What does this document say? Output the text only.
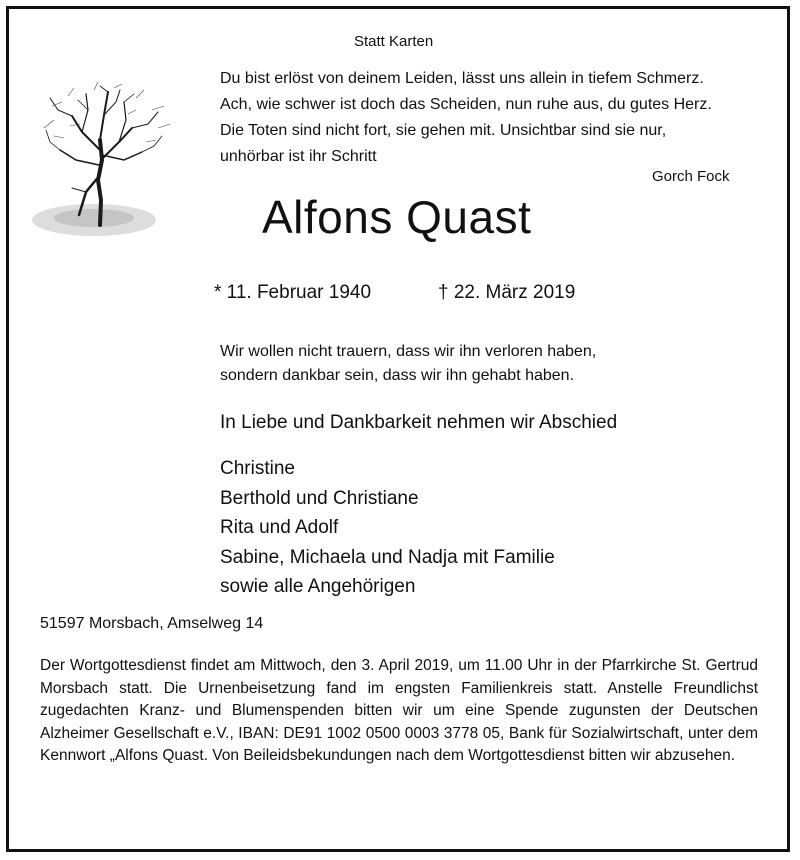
Statt Karten
Du bist erlöst von deinem Leiden, lässt uns allein in tiefem Schmerz.
Ach, wie schwer ist doch das Scheiden, nun ruhe aus, du gutes Herz.
Die Toten sind nicht fort, sie gehen mit. Unsichtbar sind sie nur,
unhörbar ist ihr Schritt
Gorch Fock
Alfons Quast
* 11. Februar 1940	† 22. März 2019
Wir wollen nicht trauern, dass wir ihn verloren haben,
sondern dankbar sein, dass wir ihn gehabt haben.
In Liebe und Dankbarkeit nehmen wir Abschied
Christine
Berthold und Christiane
Rita und Adolf
Sabine, Michaela und Nadja mit Familie
sowie alle Angehörigen
51597 Morsbach, Amselweg 14

Der Wortgottesdienst findet am Mittwoch, den 3. April 2019, um 11.00 Uhr in der Pfarrkirche St. Gertrud Morsbach statt. Die Urnenbeisetzung fand im engsten Familienkreis statt. Anstelle Freundlichst zugedachten Kranz- und Blumenspenden bitten wir um eine Spende zugunsten der Deutschen Alzheimer Gesellschaft e.V., IBAN: DE91 1002 0500 0003 3778 05, Bank für Sozialwirtschaft, unter dem Kennwort „Alfons Quast. Von Beileidsbekundungen nach dem Wortgottesdienst bitten wir abzusehen.
